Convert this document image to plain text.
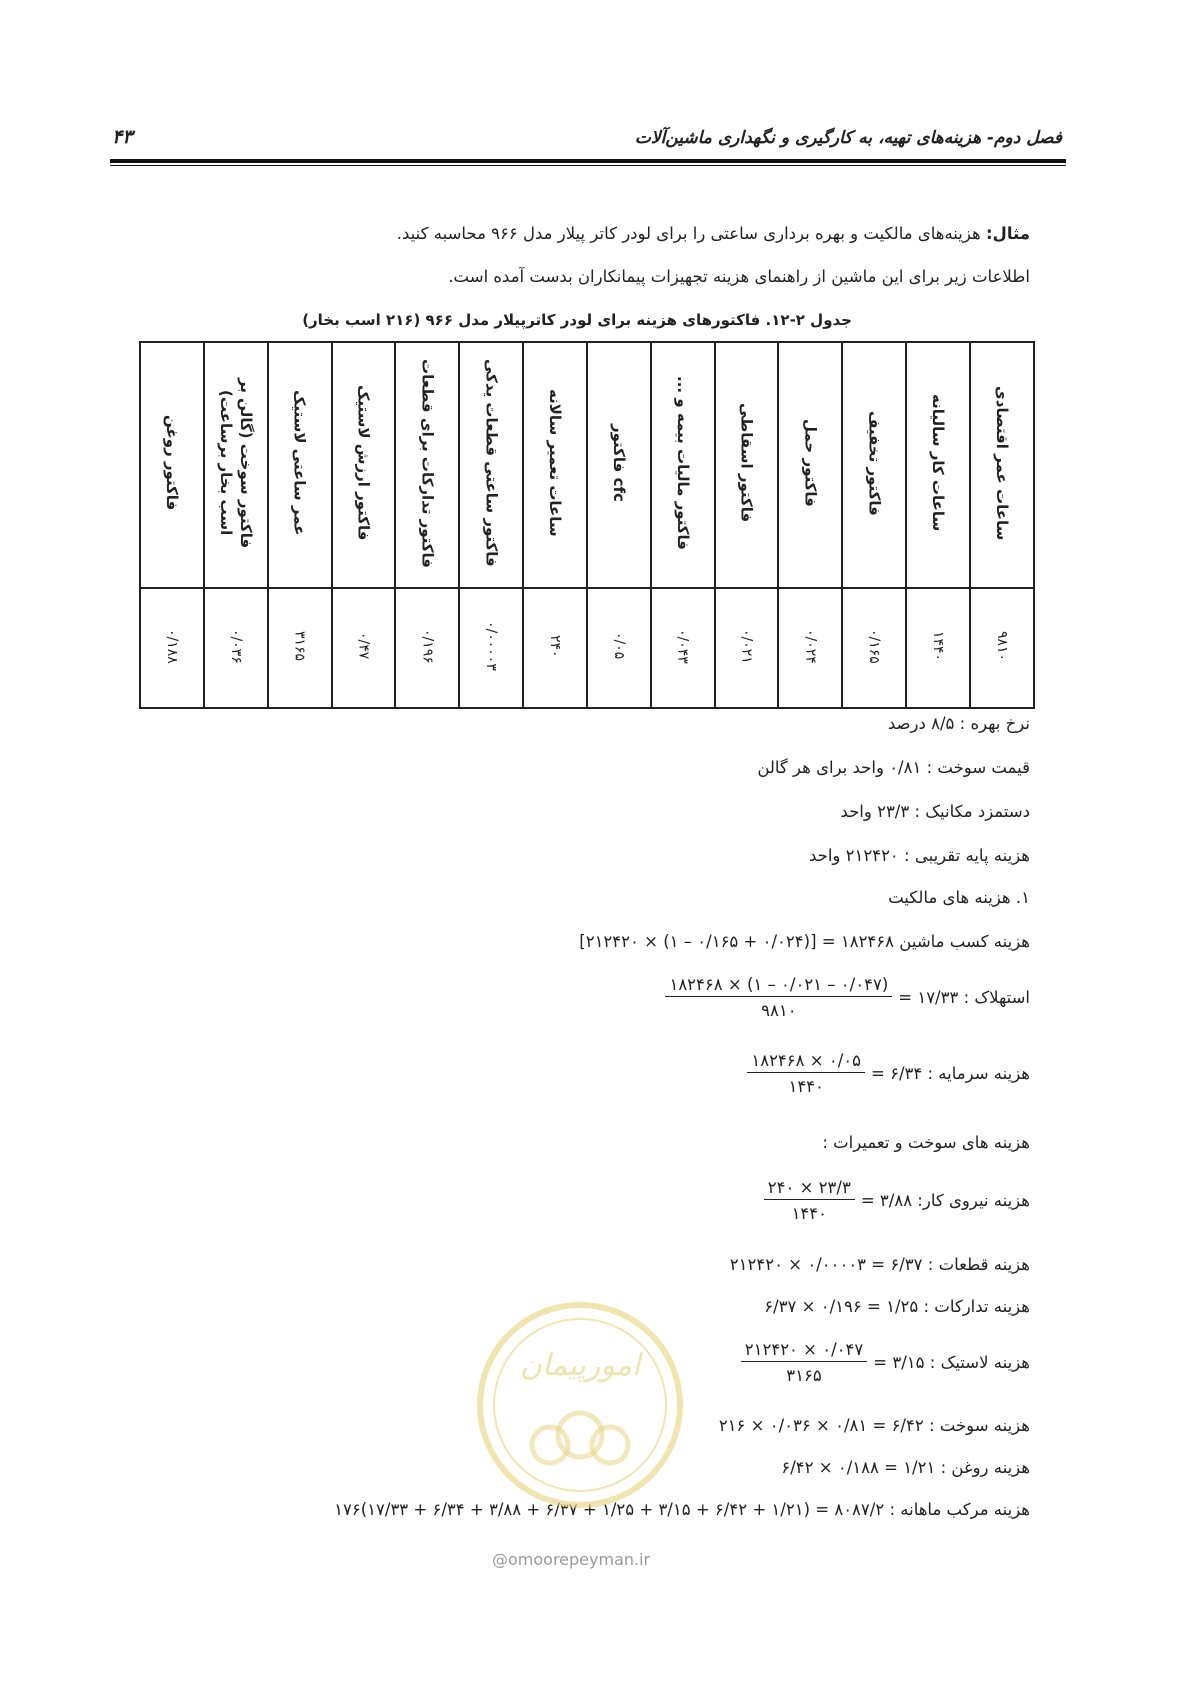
فصل دوم- هزینه‌های تهیه، به کارگیری و نگهداری ماشین‌آلات
۴۳
مثال: هزینه‌های مالکیت و بهره برداری ساعتی را برای لودر کاتر پیلار مدل ۹۶۶ محاسبه کنید.
اطلاعات زیر برای این ماشین از راهنمای هزینه تجهیزات پیمانکاران بدست آمده است.
جدول ۲-۱۲. فاکتورهای هزینه برای لودر کاترپیلار مدل ۹۶۶ (۲۱۶ اسب بخار)
فاکتور روغن	فاکتور سوخت (گالن بر اسب بخار برساعت)	عمر ساعتی لاستیک	فاکتور ارزش لاستیک	فاکتور تدارکات برای قطعات	فاکتور ساعتی قطعات یدکی	ساعات تعمیر سالانه	cfc فاکتور	فاکتور مالیات بیمه و ...	فاکتور اسقاطی	فاکتور حمل	فاکتور تخفیف	ساعات کار سالیانه	ساعات عمر اقتصادی
۰/۱۸۸	۰/۰۳۶	۳۱۶۵	۰/۴۷	۰/۱۹۶	۰/۰۰۰۰۳	۲۴۰	۰/۰۵	۰/۰۴۳	۰/۰۲۱	۰/۰۲۴	۰/۱۶۵	۱۴۴۰	۹۸۱۰
نرخ بهره : ۸/۵ درصد
قیمت سوخت : ۰/۸۱ واحد برای هر گالن
دستمزد مکانیک : ۲۳/۳ واحد
هزینه پایه تقریبی : ۲۱۲۴۲۰ واحد
۱. هزینه های مالکیت
هزینه کسب ماشین ۱۸۲۴۶۸ = [(۰/۰۲۴ + ۰/۱۶۵ – ۱) × ۲۱۲۴۲۰]
استهلاک : ۱۷/۳۳ =
$\frac{(۰/۰۴۷ - ۰/۰۲۱ - ۱) \times ۱۸۲۴۶۸}{۹۸۱۰}$
هزینه سرمایه : ۶/۳۴ =
$\frac{۰/۰۵ \times ۱۸۲۴۶۸}{۱۴۴۰}$
هزینه های سوخت و تعمیرات :
هزینه نیروی کار: ۳/۸۸ =
$\frac{۲۳/۳ \times ۲۴۰}{۱۴۴۰}$
هزینه قطعات : ۶/۳۷ = ۰/۰۰۰۰۳ × ۲۱۲۴۲۰
هزینه تدارکات : ۱/۲۵ = ۰/۱۹۶ × ۶/۳۷
هزینه لاستیک : ۳/۱۵ =
$\frac{۰/۰۴۷ \times ۲۱۲۴۲۰}{۳۱۶۵}$
هزینه سوخت : ۶/۴۲ = ۰/۸۱ × ۰/۰۳۶ × ۲۱۶
هزینه روغن : ۱/۲۱ = ۰/۱۸۸ × ۶/۴۲
هزینه مرکب ماهانه : ۸۰۸۷/۲ = (۱/۲۱ + ۶/۴۲ + ۳/۱۵ + ۱/۲۵ + ۶/۳۷ + ۳/۸۸ + ۶/۳۴ + ۱۷/۳۳)۱۷۶
امورپیمان
@omoorepeyman.ir
